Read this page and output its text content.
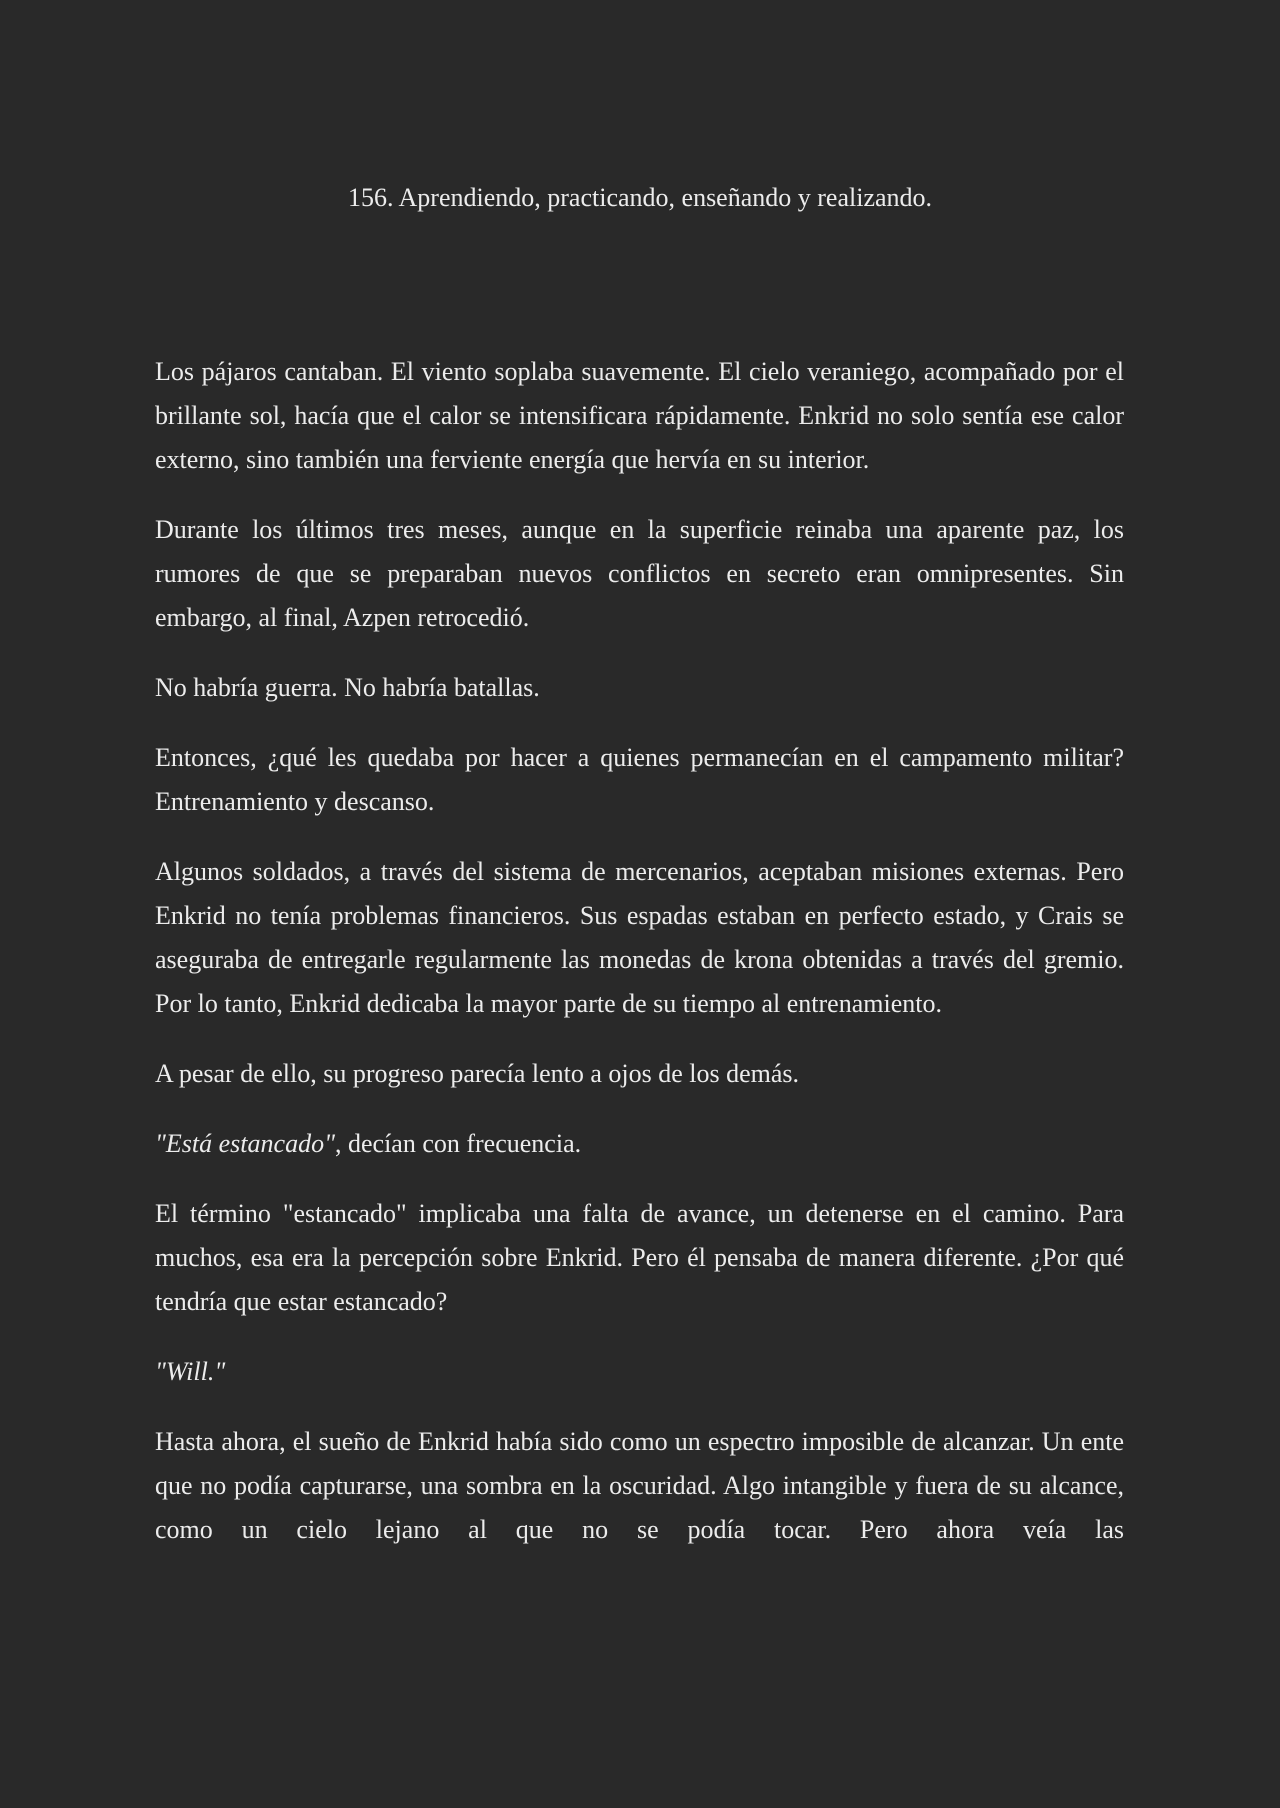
156. Aprendiendo, practicando, enseñando y realizando.

Los pájaros cantaban. El viento soplaba suavemente. El cielo veraniego, acompañado por el brillante sol, hacía que el calor se intensificara rápidamente. Enkrid no solo sentía ese calor externo, sino también una ferviente energía que hervía en su interior.

Durante los últimos tres meses, aunque en la superficie reinaba una aparente paz, los rumores de que se preparaban nuevos conflictos en secreto eran omnipresentes. Sin embargo, al final, Azpen retrocedió.

No habría guerra. No habría batallas.

Entonces, ¿qué les quedaba por hacer a quienes permanecían en el campamento militar? Entrenamiento y descanso.

Algunos soldados, a través del sistema de mercenarios, aceptaban misiones externas. Pero Enkrid no tenía problemas financieros. Sus espadas estaban en perfecto estado, y Crais se aseguraba de entregarle regularmente las monedas de krona obtenidas a través del gremio. Por lo tanto, Enkrid dedicaba la mayor parte de su tiempo al entrenamiento.

A pesar de ello, su progreso parecía lento a ojos de los demás.

"Está estancado", decían con frecuencia.

El término "estancado" implicaba una falta de avance, un detenerse en el camino. Para muchos, esa era la percepción sobre Enkrid. Pero él pensaba de manera diferente. ¿Por qué tendría que estar estancado?

"Will."

Hasta ahora, el sueño de Enkrid había sido como un espectro imposible de alcanzar. Un ente que no podía capturarse, una sombra en la oscuridad. Algo intangible y fuera de su alcance, como un cielo lejano al que no se podía tocar. Pero ahora veía las
